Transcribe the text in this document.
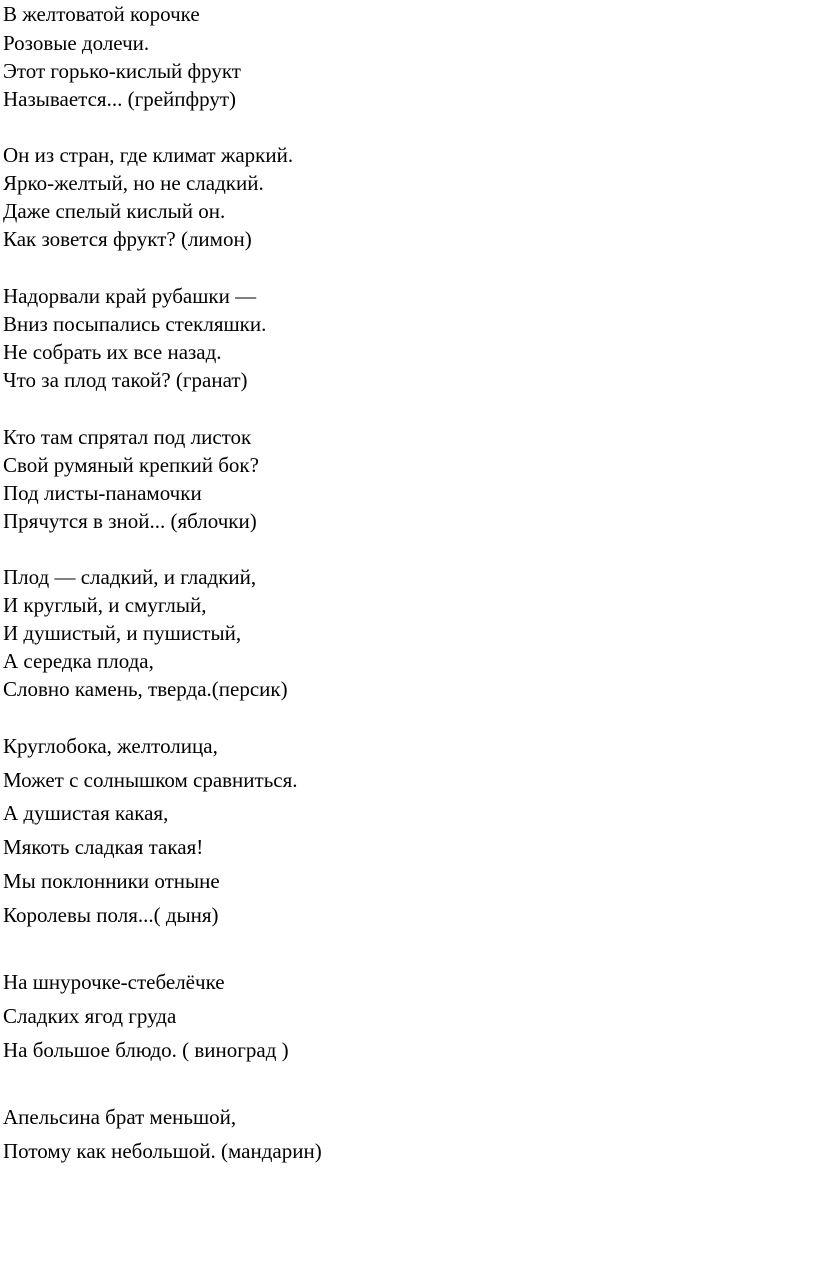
В желтоватой корочке

Розовые долечи.

Этот горько-кислый фрукт

Называется... (грейпфрут)

Он из стран, где климат жаркий.

Ярко-желтый, но не сладкий.

Даже спелый кислый он.

Как зовется фрукт? (лимон)

Надорвали край рубашки —

Вниз посыпались стекляшки.

Не собрать их все назад.

Что за плод такой? (гранат)

Кто там спрятал под листок

Свой румяный крепкий бок?

Под листы-панамочки

Прячутся в зной... (яблочки)

Плод — сладкий, и гладкий,

И круглый, и смуглый,

И душистый, и пушистый,

А середка плода,

Словно камень, тверда.(персик)

Круглобока, желтолица,

Может с солнышком сравниться.

А душистая какая,

Мякоть сладкая такая!

Мы поклонники отныне

Королевы поля...( дыня)

На шнурочке-стебелёчке

Сладких ягод груда

На большое блюдо. ( виноград )

Апельсина брат меньшой,

Потому как небольшой. (мандарин)
